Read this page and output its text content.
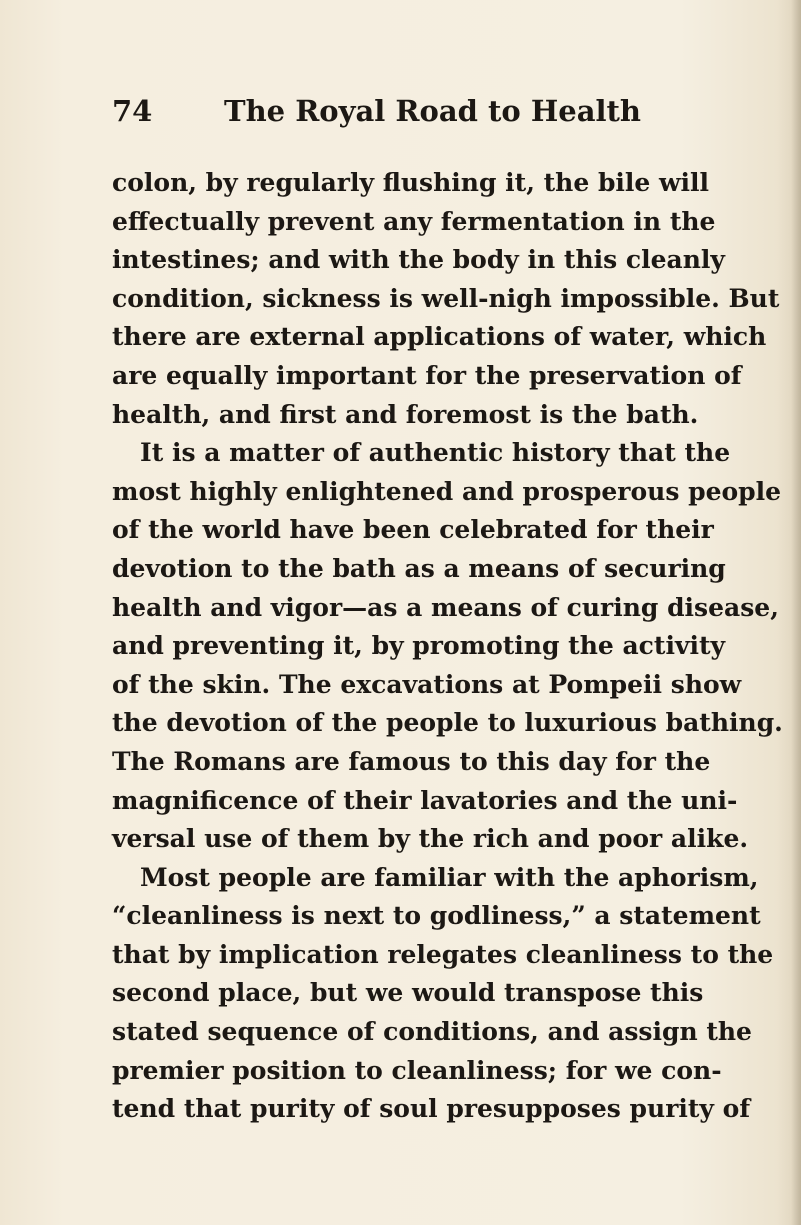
74 The Royal Road to Health
colon, by regularly flushing it, the bile will
effectually prevent any fermentation in the
intestines; and with the body in this cleanly
condition, sickness is well-nigh impossible. But
there are external applications of water, which
are equally important for the preservation of
health, and first and foremost is the bath.
It is a matter of authentic history that the
most highly enlightened and prosperous people
of the world have been celebrated for their
devotion to the bath as a means of securing
health and vigor—as a means of curing disease,
and preventing it, by promoting the activity
of the skin. The excavations at Pompeii show
the devotion of the people to luxurious bathing.
The Romans are famous to this day for the
magnificence of their lavatories and the uni-
versal use of them by the rich and poor alike.
Most people are familiar with the aphorism,
“cleanliness is next to godliness,” a statement
that by implication relegates cleanliness to the
second place, but we would transpose this
stated sequence of conditions, and assign the
premier position to cleanliness; for we con-
tend that purity of soul presupposes purity of
